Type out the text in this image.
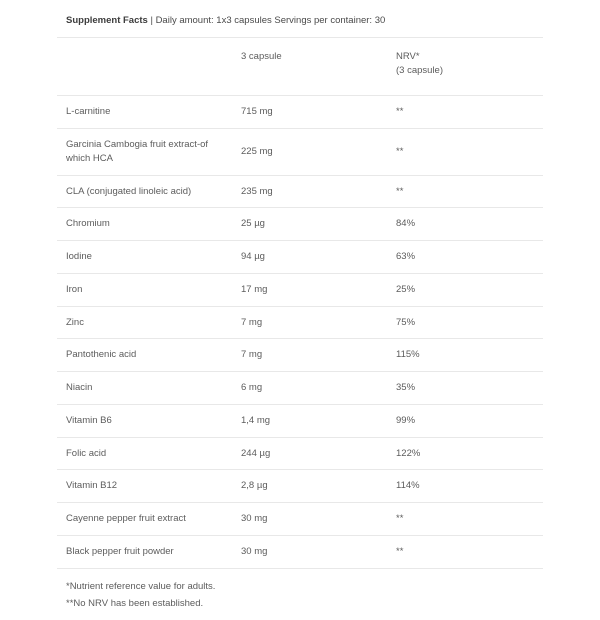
Supplement Facts | Daily amount: 1x3 capsules Servings per container: 30		
	3 capsule	NRV*
(3 capsule)

L-carnitine	715 mg	**
Garcinia Cambogia fruit extract-of which HCA	225 mg	**
CLA (conjugated linoleic acid)	235 mg	**
Chromium	25 µg	84%
Iodine	94 µg	63%
Iron	17 mg	25%
Zinc	7 mg	75%
Pantothenic acid	7 mg	115%
Niacin	6 mg	35%
Vitamin B6	1,4 mg	99%
Folic acid	244 µg	122%
Vitamin B12	2,8 µg	114%
Cayenne pepper fruit extract	30 mg	**
Black pepper fruit powder	30 mg	**
*Nutrient reference value for adults.		
**No NRV has been established.		
